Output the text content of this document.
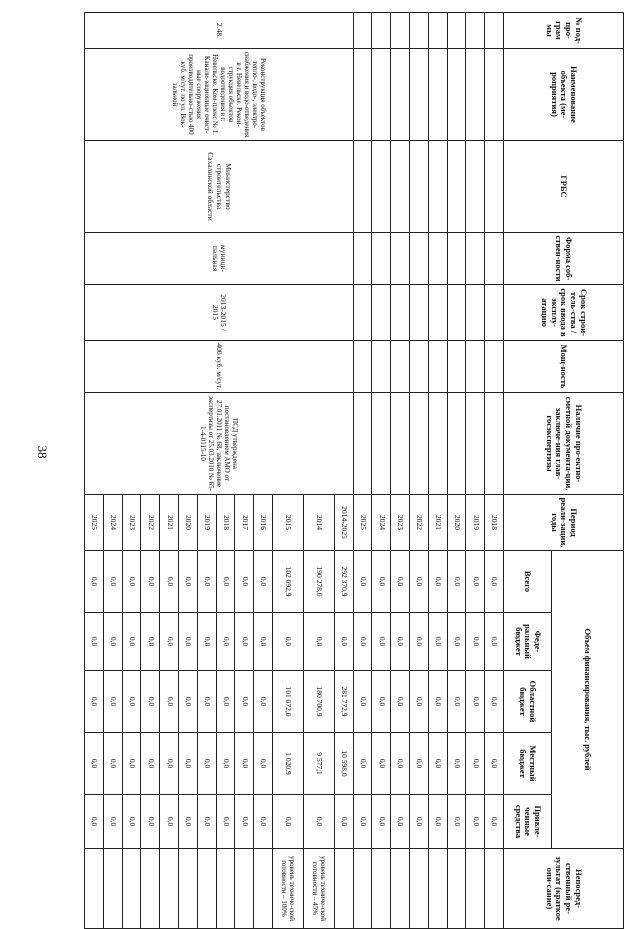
38
№ под-про-грам мы	Наименование объекта (ме-роприятия)	ГРБС	Форма соб-ствен-ности	Срок строи-тель-ства / срок ввода в эксплу-атацию	Мощ-ность	Наличие про-ектно-сметной документа-ции, заключе-ния глав-госэкспертизы	Период реали-зации, годы	Объем финансирования, тыс. рублей					Непосред-ственный ре-зультат (краткое опи-сание)
								Всего	Феде-ральный бюджет	Областной бюджет	Местный бюджет	Привле-ченные средства	
							2018	0,0	0,0	0,0	0,0	0,0	
							2019	0,0	0,0	0,0	0,0	0,0	
							2020	0,0	0,0	0,0	0,0	0,0	
							2021	0,0	0,0	0,0	0,0	0,0	
							2022	0,0	0,0	0,0	0,0	0,0	
							2023	0,0	0,0	0,0	0,0	0,0	
							2024	0,0	0,0	0,0	0,0	0,0	
							2025	0,0	0,0	0,0	0,0	0,0	
2.48.	Реконструкция объектов тепло-, водо-, электро-снабжения и водо-отведения в г. Невельске. Рекон-струкция объектов водоотведения в г. Невельске. Ком-плекс № 1. Канали-зационные очист-ные сооружения производительно-стью 400 куб. м/сут. по ул. Вок-зальной	Министерство строительства Сахалинской области	муници-пальная	2013-2015 / 2015	400 куб. м/сут.	ПСД утверждена постановлением АМО от 27.01.2011 № 68, заключение экспертизы от 25.03.2010 № 65-1-4-0115-10	2014-2025	292 370,9	0,0	281 772,9	10 598,0	0,0	
							2014	190 278,0	0,0	180 700,9	9 577,1	0,0	уровень техниче-ской готовности – 45%
							2015	102 092,9	0,0	101 072,0	1 020,9	0,0	уровень техниче-ской готовности – 100%
							2016	0,0	0,0	0,0	0,0	0,0	
							2017	0,0	0,0	0,0	0,0	0,0	
							2018	0,0	0,0	0,0	0,0	0,0	
							2019	0,0	0,0	0,0	0,0	0,0	
							2020	0,0	0,0	0,0	0,0	0,0	
							2021	0,0	0,0	0,0	0,0	0,0	
							2022	0,0	0,0	0,0	0,0	0,0	
							2023	0,0	0,0	0,0	0,0	0,0	
							2024	0,0	0,0	0,0	0,0	0,0	
							2025	0,0	0,0	0,0	0,0	0,0	
